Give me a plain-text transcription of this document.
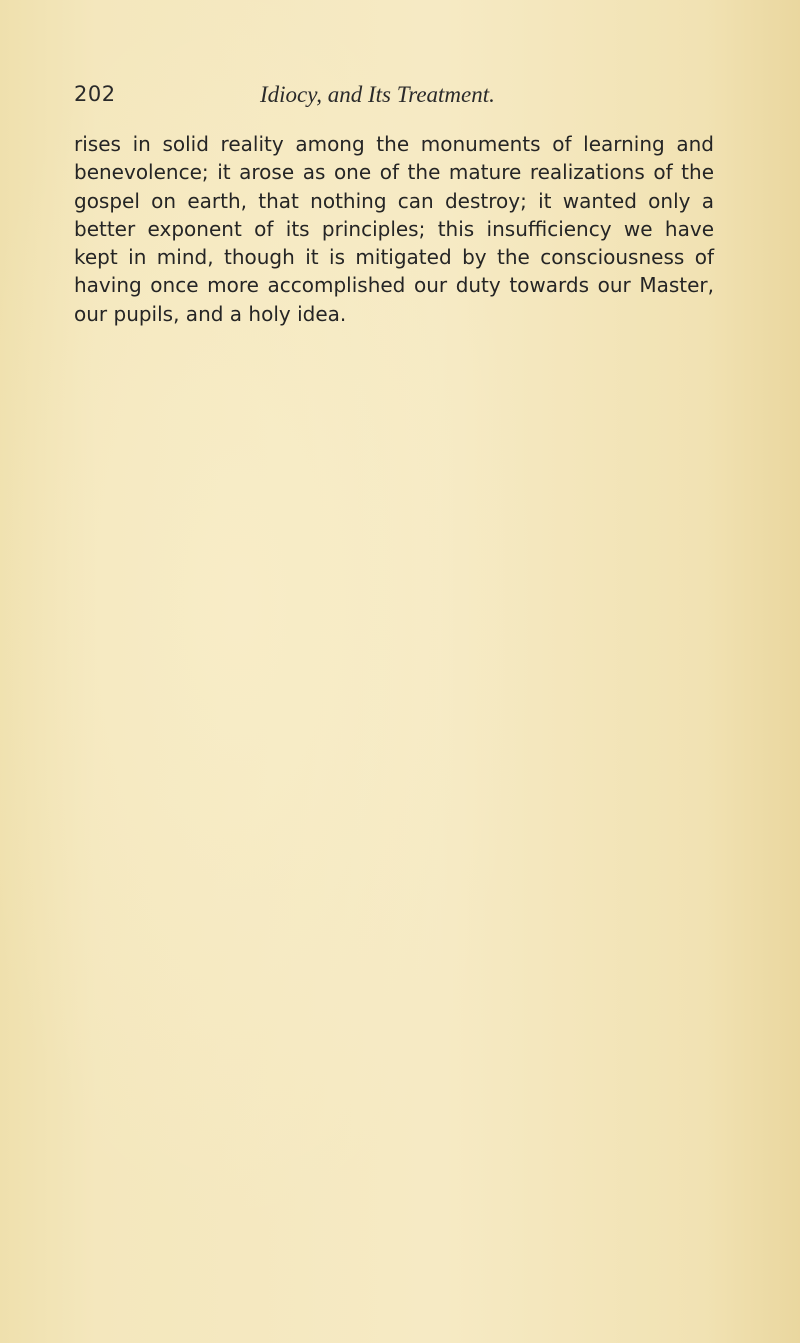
202	Idiocy, and Its Treatment.
rises in solid reality among the monuments of learning and
benevolence; it arose as one of the mature realizations of the
gospel on earth, that nothing can destroy; it wanted only a
better exponent of its principles; this insufficiency we have
kept in mind, though it is mitigated by the consciousness of
having once more accomplished our duty towards our Master,
our pupils, and a holy idea.
